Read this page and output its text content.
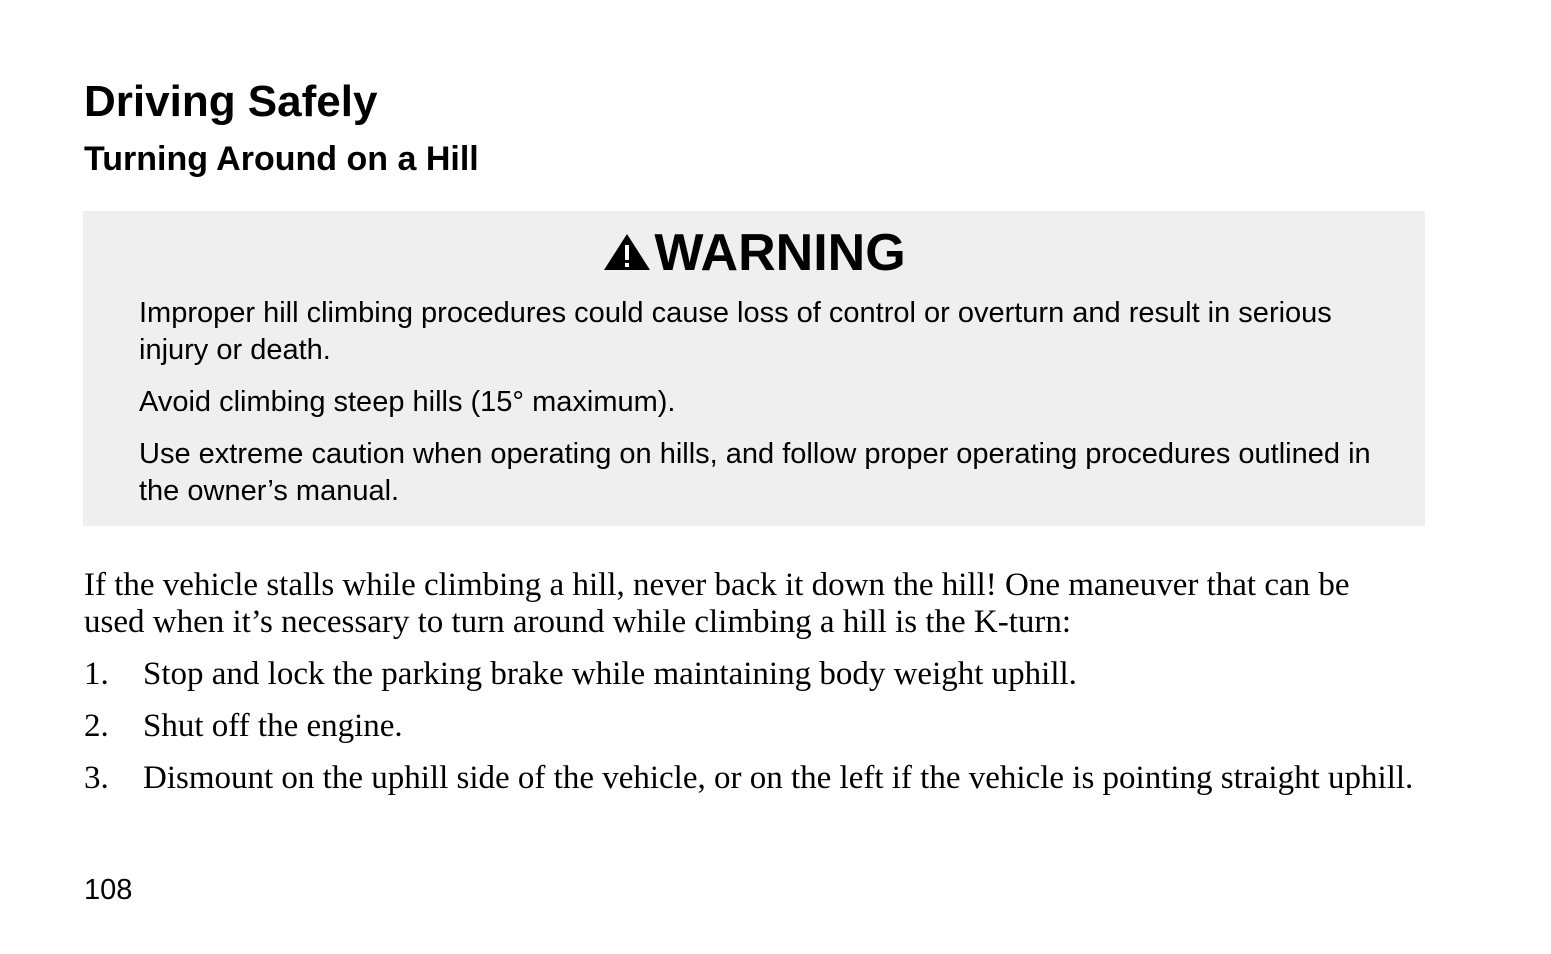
Driving Safely
Turning Around on a Hill
WARNING

Improper hill climbing procedures could cause loss of control or overturn and result in serious injury or death.

Avoid climbing steep hills (15° maximum).

Use extreme caution when operating on hills, and follow proper operating procedures outlined in the owner’s manual.

If the vehicle stalls while climbing a hill, never back it down the hill! One maneuver that can be used when it’s necessary to turn around while climbing a hill is the K-turn:

1. Stop and lock the parking brake while maintaining body weight uphill.
2. Shut off the engine.
3. Dismount on the uphill side of the vehicle, or on the left if the vehicle is pointing straight uphill.
108
